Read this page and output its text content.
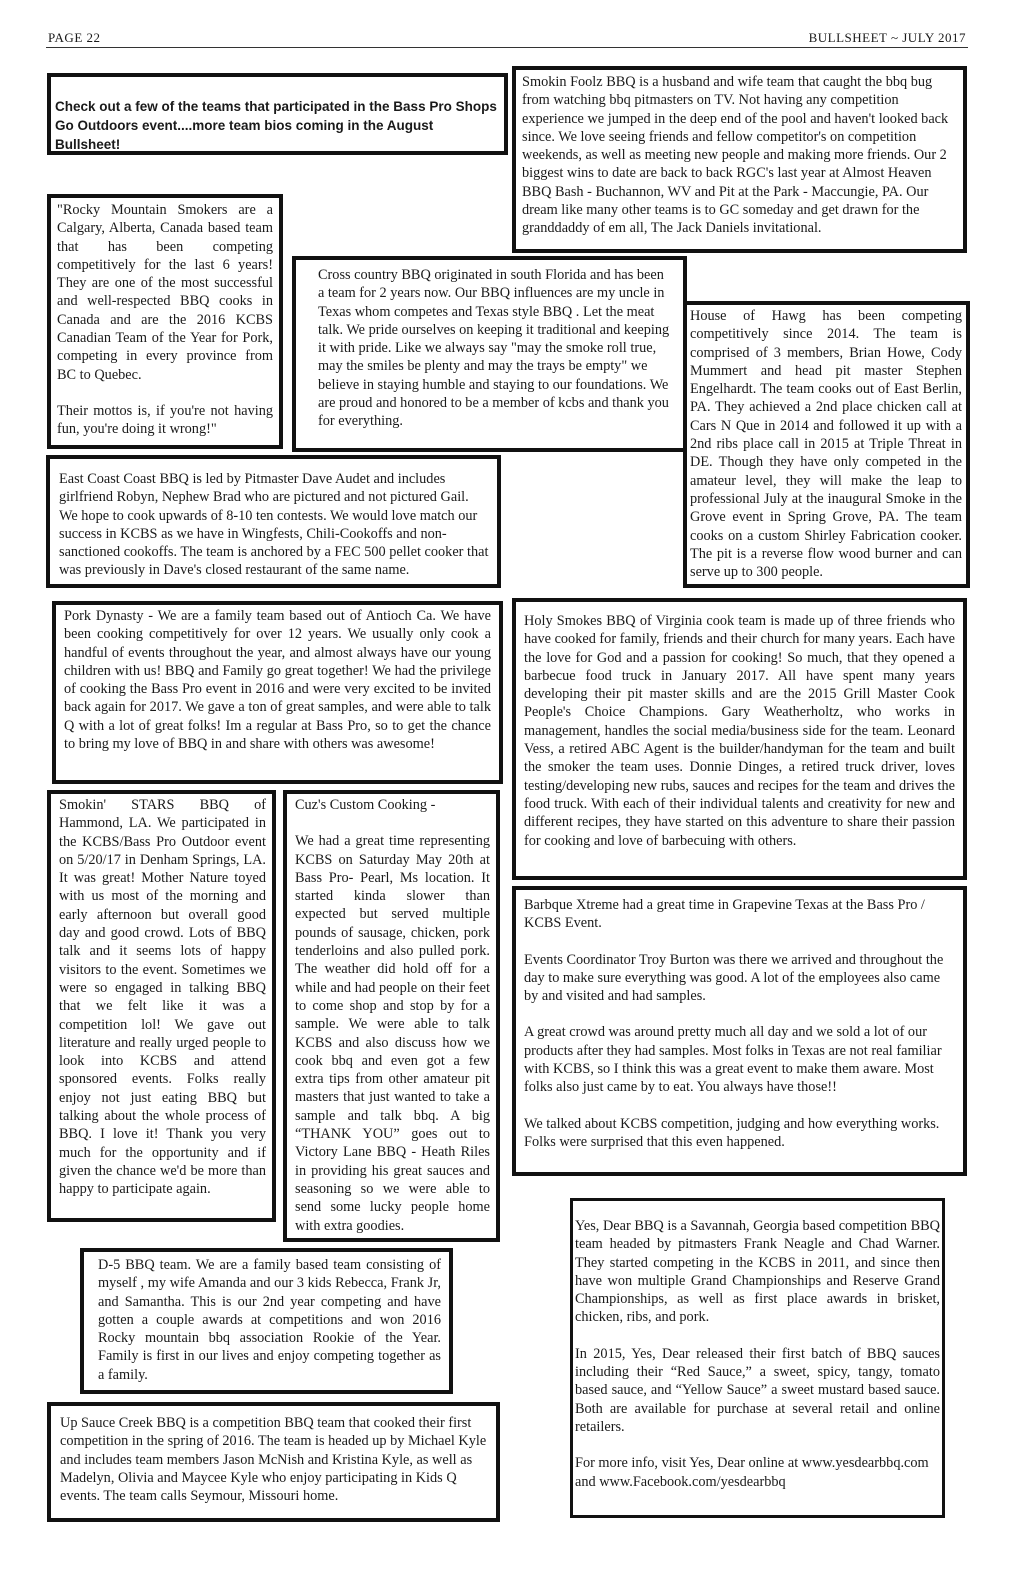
PAGE 22	BULLSHEET ~ JULY 2017

Check out a few of the teams that participated in the Bass Pro Shops Go Outdoors event....more team bios coming in the August Bullsheet!

Smokin Foolz BBQ is a husband and wife team that caught the bbq bug from watching bbq pitmasters on TV. Not having any competition experience we jumped in the deep end of the pool and haven't looked back since. We love seeing friends and fellow competitor's on competition weekends, as well as meeting new people and making more friends. Our 2 biggest wins to date are back to back RGC's last year at Almost Heaven BBQ Bash - Buchannon, WV and Pit at the Park - Maccungie, PA. Our dream like many other teams is to GC someday and get drawn for the granddaddy of em all, The Jack Daniels invitational.

"Rocky Mountain Smokers are a Calgary, Alberta, Canada based team that has been competing competitively for the last 6 years! They are one of the most successful and well-respected BBQ cooks in Canada and are the 2016 KCBS Canadian Team of the Year for Pork, competing in every province from BC to Quebec.

Their mottos is, if you're not having fun, you're doing it wrong!"

Cross country BBQ originated in south Florida and has been a team for 2 years now. Our BBQ influences are my uncle in Texas whom competes and Texas style BBQ . Let the meat talk. We pride ourselves on keeping it traditional and keeping it with pride. Like we always say "may the smoke roll true, may the smiles be plenty and may the trays be empty" we believe in staying humble and staying to our foundations. We are proud and honored to be a member of kcbs and thank you for everything.

House of Hawg has been competing competitively since 2014. The team is comprised of 3 members, Brian Howe, Cody Mummert and head pit master Stephen Engelhardt. The team cooks out of East Berlin, PA. They achieved a 2nd place chicken call at Cars N Que in 2014 and followed it up with a 2nd ribs place call in 2015 at Triple Threat in DE. Though they have only competed in the amateur level, they will make the leap to professional July at the inaugural Smoke in the Grove event in Spring Grove, PA. The team cooks on a custom Shirley Fabrication cooker. The pit is a reverse flow wood burner and can serve up to 300 people.

East Coast Coast BBQ is led by Pitmaster Dave Audet and includes girlfriend Robyn, Nephew Brad who are pictured and not pictured Gail. We hope to cook upwards of 8-10 ten contests. We would love match our success in KCBS as we have in Wingfests, Chili-Cookoffs and non-sanctioned cookoffs. The team is anchored by a FEC 500 pellet cooker that was previously in Dave's closed restaurant of the same name.

Pork Dynasty - We are a family team based out of Antioch Ca. We have been cooking competitively for over 12 years. We usually only cook a handful of events throughout the year, and almost always have our young children with us! BBQ and Family go great together! We had the privilege of cooking the Bass Pro event in 2016 and were very excited to be invited back again for 2017. We gave a ton of great samples, and were able to talk Q with a lot of great folks! Im a regular at Bass Pro, so to get the chance to bring my love of BBQ in and share with others was awesome!

Holy Smokes BBQ of Virginia cook team is made up of three friends who have cooked for family, friends and their church for many years. Each have the love for God and a passion for cooking! So much, that they opened a barbecue food truck in January 2017. All have spent many years developing their pit master skills and are the 2015 Grill Master Cook People's Choice Champions. Gary Weatherholtz, who works in management, handles the social media/business side for the team. Leonard Vess, a retired ABC Agent is the builder/handyman for the team and built the smoker the team uses. Donnie Dinges, a retired truck driver, loves testing/developing new rubs, sauces and recipes for the team and drives the food truck. With each of their individual talents and creativity for new and different recipes, they have started on this adventure to share their passion for cooking and love of barbecuing with others.

Smokin' STARS BBQ of Hammond, LA. We participated in the KCBS/Bass Pro Outdoor event on 5/20/17 in Denham Springs, LA. It was great! Mother Nature toyed with us most of the morning and early afternoon but overall good day and good crowd. Lots of BBQ talk and it seems lots of happy visitors to the event. Sometimes we were so engaged in talking BBQ that we felt like it was a competition lol! We gave out literature and really urged people to look into KCBS and attend sponsored events. Folks really enjoy not just eating BBQ but talking about the whole process of BBQ. I love it! Thank you very much for the opportunity and if given the chance we'd be more than happy to participate again.

Cuz's Custom Cooking -

We had a great time representing KCBS on Saturday May 20th at Bass Pro- Pearl, Ms location. It started kinda slower than expected but served multiple pounds of sausage, chicken, pork tenderloins and also pulled pork. The weather did hold off for a while and had people on their feet to come shop and stop by for a sample. We were able to talk KCBS and also discuss how we cook bbq and even got a few extra tips from other amateur pit masters that just wanted to take a sample and talk bbq. A big “THANK YOU” goes out to Victory Lane BBQ - Heath Riles in providing his great sauces and seasoning so we were able to send some lucky people home with extra goodies.

Barbque Xtreme had a great time in Grapevine Texas at the Bass Pro / KCBS Event.

Events Coordinator Troy Burton was there we arrived and throughout the day to make sure everything was good. A lot of the employees also came by and visited and had samples.

A great crowd was around pretty much all day and we sold a lot of our products after they had samples. Most folks in Texas are not real familiar with KCBS, so I think this was a great event to make them aware. Most folks also just came by to eat. You always have those!!

We talked about KCBS competition, judging and how everything works. Folks were surprised that this even happened.

Yes, Dear BBQ is a Savannah, Georgia based competition BBQ team headed by pitmasters Frank Neagle and Chad Warner. They started competing in the KCBS in 2011, and since then have won multiple Grand Championships and Reserve Grand Championships, as well as first place awards in brisket, chicken, ribs, and pork.

In 2015, Yes, Dear released their first batch of BBQ sauces including their “Red Sauce,” a sweet, spicy, tangy, tomato based sauce, and “Yellow Sauce” a sweet mustard based sauce. Both are available for purchase at several retail and online retailers.

For more info, visit Yes, Dear online at www.yesdearbbq.com and www.Facebook.com/yesdearbbq

D-5 BBQ team. We are a family based team consisting of myself , my wife Amanda and our 3 kids Rebecca, Frank Jr, and Samantha. This is our 2nd year competing and have gotten a couple awards at competitions and won 2016 Rocky mountain bbq association Rookie of the Year. Family is first in our lives and enjoy competing together as a family.

Up Sauce Creek BBQ is a competition BBQ team that cooked their first competition in the spring of 2016. The team is headed up by Michael Kyle and includes team members Jason McNish and Kristina Kyle, as well as Madelyn, Olivia and Maycee Kyle who enjoy participating in Kids Q events. The team calls Seymour, Missouri home.
